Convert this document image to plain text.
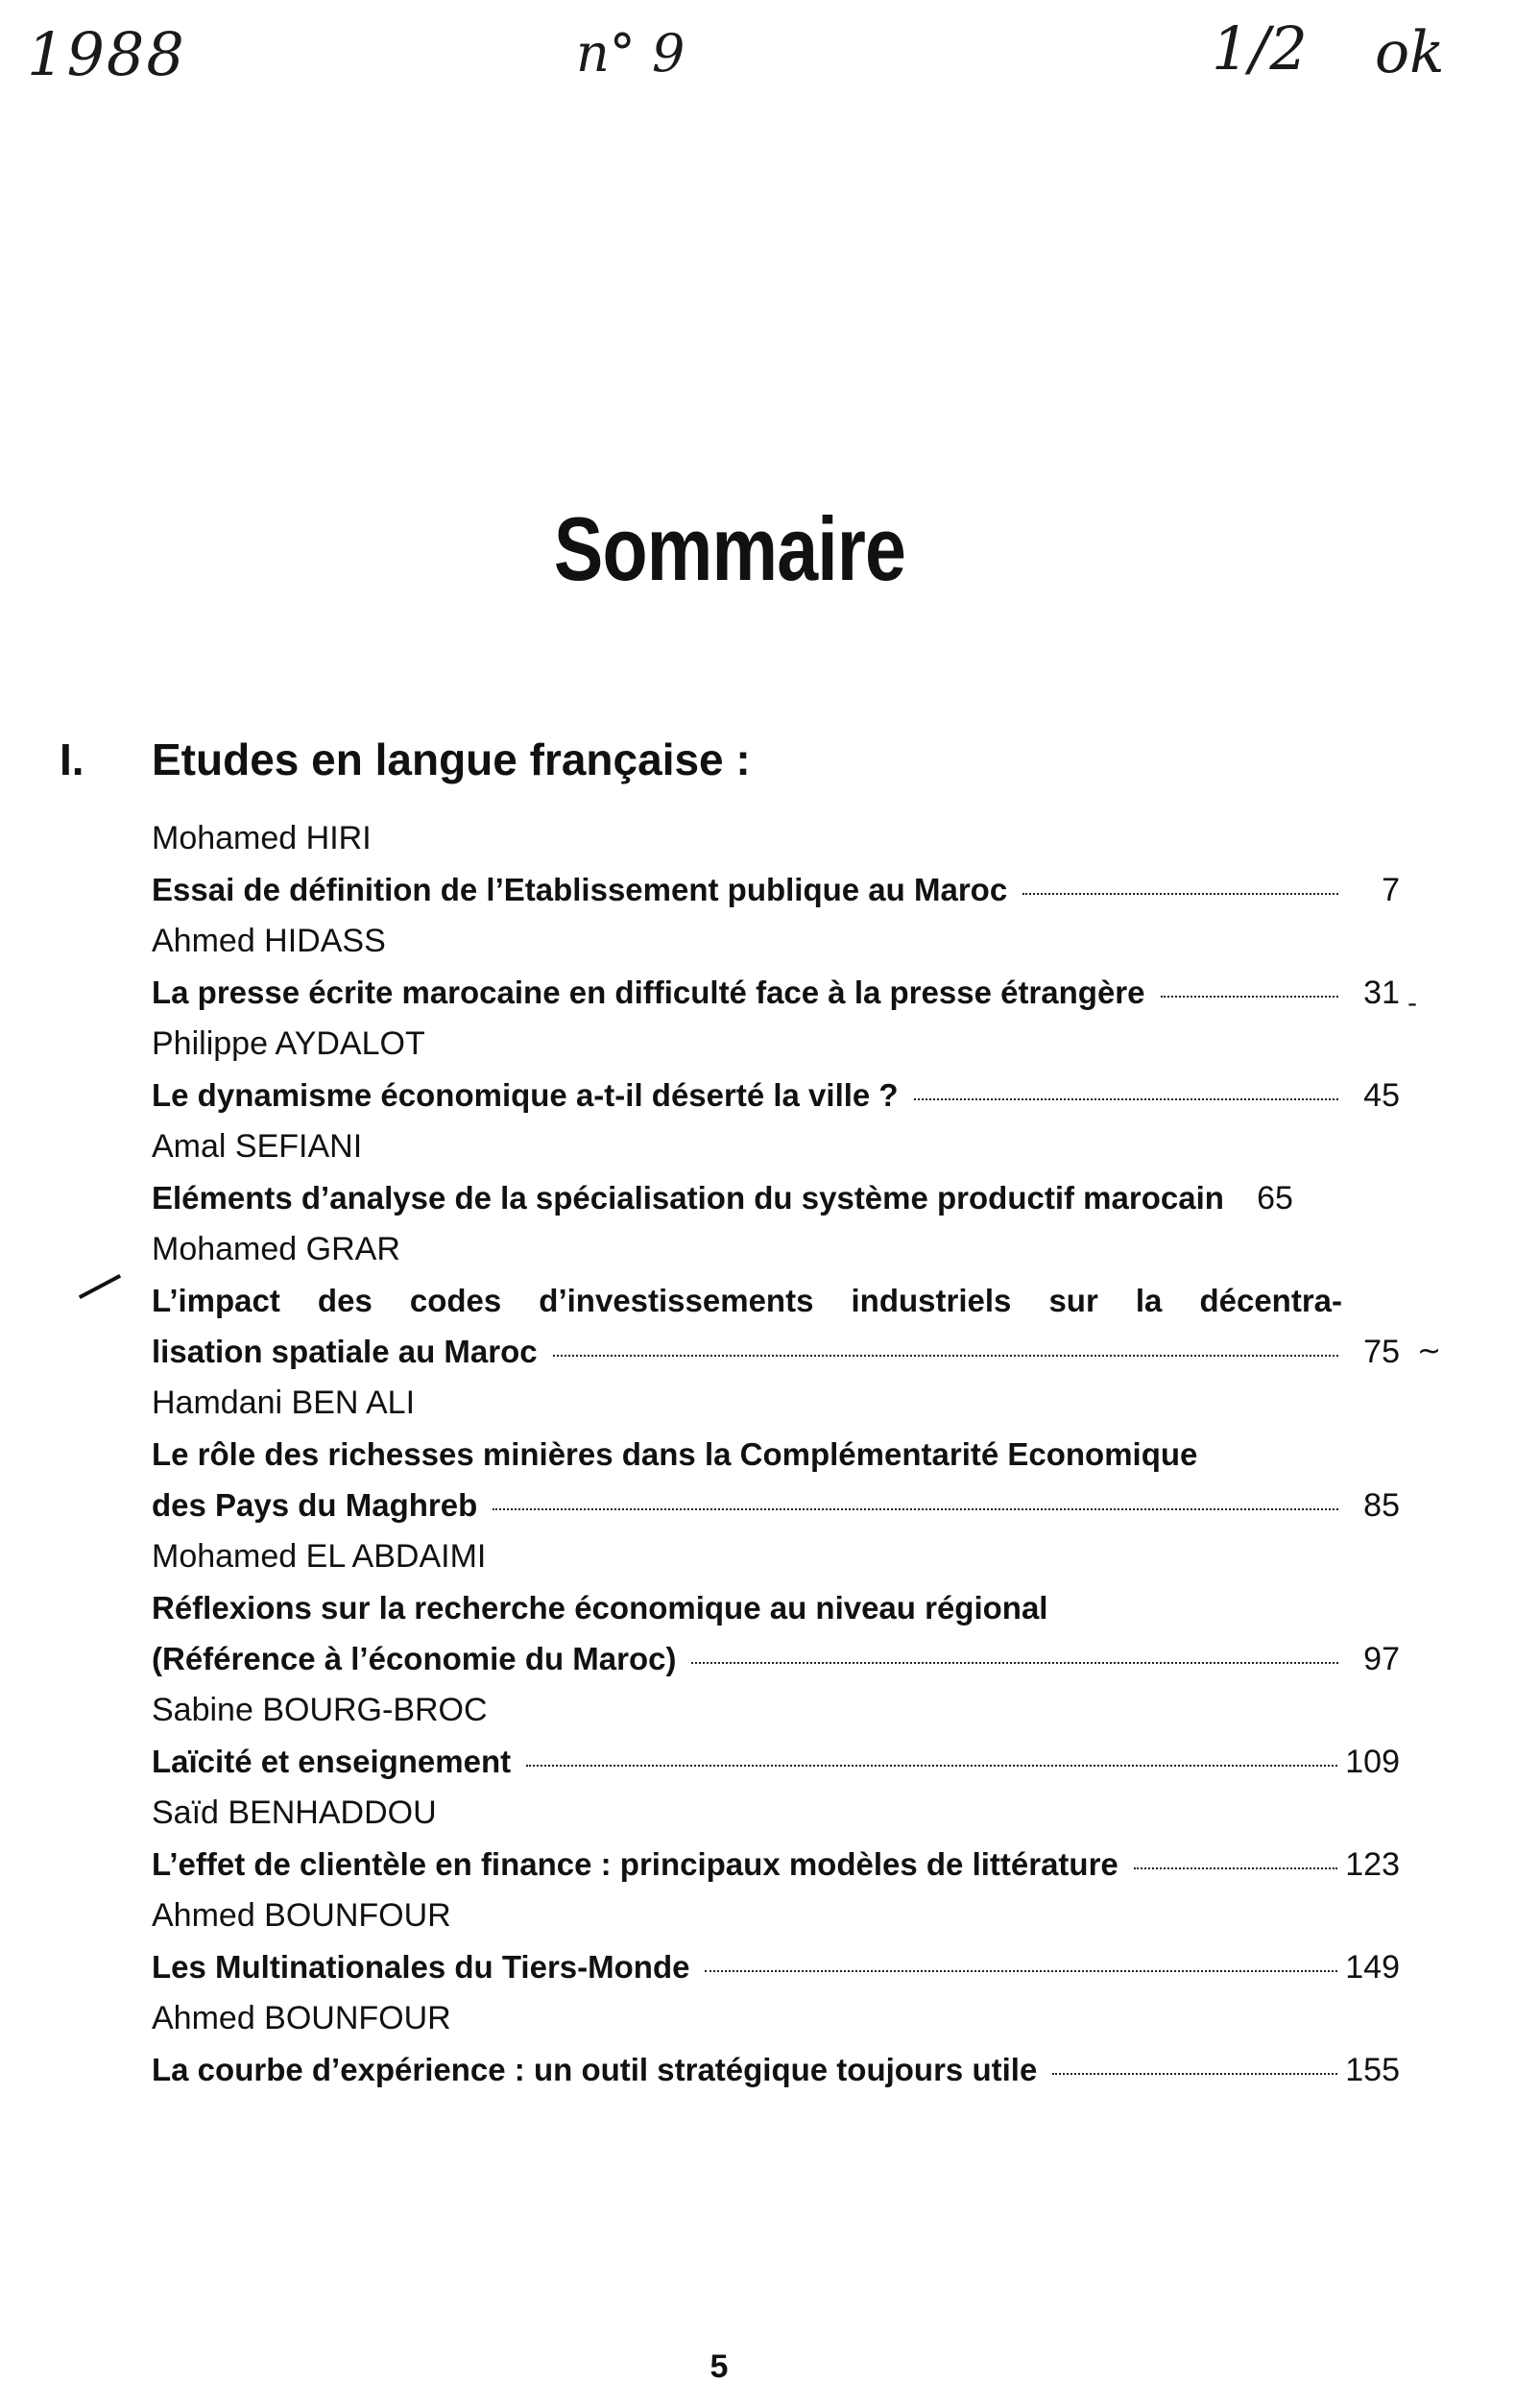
1988	n° 9	1/2 ok
Sommaire
I. Etudes en langue française :
Mohamed HIRI
Essai de définition de l’Etablissement publique au Maroc	7
Ahmed HIDASS
La presse écrite marocaine en difficulté face à la presse étrangère	31
Philippe AYDALOT
Le dynamisme économique a-t-il déserté la ville ?	45
Amal SEFIANI
Eléments d’analyse de la spécialisation du système productif marocain	65
Mohamed GRAR
L’impact des codes d’investissements industriels sur la décentra-
lisation spatiale au Maroc	75
Hamdani BEN ALI
Le rôle des richesses minières dans la Complémentarité Economique
des Pays du Maghreb	85
Mohamed EL ABDAIMI
Réflexions sur la recherche économique au niveau régional
(Référence à l’économie du Maroc)	97
Sabine BOURG-BROC
Laïcité et enseignement	109
Saïd BENHADDOU
L’effet de clientèle en finance : principaux modèles de littérature	123
Ahmed BOUNFOUR
Les Multinationales du Tiers-Monde	149
Ahmed BOUNFOUR
La courbe d’expérience : un outil stratégique toujours utile	155
-
~
5
